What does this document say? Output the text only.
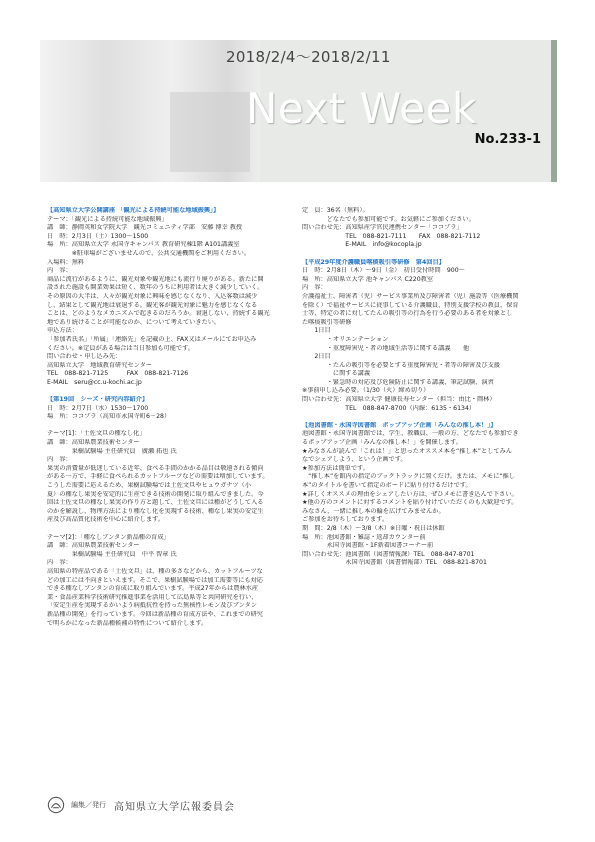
2018/2/4～2018/2/11
Next Week
No.233-1
【高知県立大学公開講座 「観光による持続可能な地域振興」】
テーマ：「観光による持続可能な地域振興」
講　師：静岡英和女学院大学　観光コミュニティ学部　安藤 博幸 教授
日　時：2月3日（土）1300～1500
場　所：高知県立大学 永国寺キャンパス 教育研究棟1階 A101講義室
　　　　※駐車場がございませんので、公共交通機関をご利用ください。
入場料：無料
内　容：
商品に流行があるように、観光対象や観光地にも流行り廃りがある。新たに開
設された施設も開業効果は短く、数年のうちに利用者は大きく減少していく。
その原因の大半は、人々が観光対象に興味を感じなくなり、入込客数は減少
し、結果として観光地は衰退する。観光客が観光対象に魅力を感じなくなる
ことは、どのようなメカニズムで起きるのだろうか。衰退しない、持続する観光
地であり続けることが可能なのか、について考えていきたい。
申込方法：
「参加者氏名」「所属」「連絡先」を記載の上、FAX又はメールにてお申込み
ください。※定員がある場合は当日参加も可能です。
問い合わせ・申し込み先：
高知県立大学　地域教育研究センター
TEL　088-821-7125　　　FAX　088-821-7126
E-MAIL　seru@cc.u-kochi.ac.jp
【第19回　シーズ・研究内容紹介】
日　時：2月7日（水）1530～1700
場　所：ココプラ（高知市永国寺町6－28）
テーマ[1]：「土佐文旦の種なし化」
講　師：高知県農業技術センター
　　　　果樹試験場 主任研究員　廣瀬 拓也 氏
内　容：
果実の消費量が低迷している近年、食べる手間のかかる品目は敬遠される傾向
がある一方で、手軽に食べられるカットフルーツなどの需要は増加しています。
こうした需要に応えるため、果樹試験場では土佐文旦やヒュウガナツ（小
夏）の種なし果実を安定的に生産できる技術の開発に取り組んできました。今
回は土佐文旦の種なし果実の作り方と題して、土佐文旦には種がどうして入る
のかを解説し、物理方法により種なし化を実現する技術、種なし果実の安定生
産及び高品質化技術を中心に紹介します。
テーマ[2]：「種なしブンタン新品種の育成」
講　師：高知県農業技術センター
　　　　果樹試験場 主任研究員　中平 智章 氏
内　容：
高知県の特産品である「土佐文旦」は、種の多さなどから、カットフルーツな
どの加工には不向きといえます。そこで、果樹試験場では加工需要等にも対応
できる種なしブンタンの育成に取り組んでいます。平成27年からは農林水産
業・食品産業科学技術研究推進事業を活用して広島県等と共同研究を行い、
「安定生産を実現するかいよう病抵抗性を持った無核性レモン及びブンタン
新品種の開発」を行っています。今回は新品種の育成方法や、これまでの研究
で明らかになった新品種候補の特性について紹介します。
定　員：36名（無料）。
　　　　どなたでも参加可能です。お気軽にご参加ください。
問い合わせ先：高知県産学官民連携センター「ココプラ」
　　　　　　　TEL　088-821-7111　　FAX　088-821-7112
　　　　　　　E-MAIL　info@kocopla.jp
【平成29年度介護職員喀痰吸引等研修　第4回目】
日　時：2月8日（木）～9日（金）　初日受付時間　900～
場　所：高知県立大学 池キャンパス C220教室
内　容：
介護福祉士、障害者（児）サービス事業所及び障害者（児）施設等（医療機関
を除く）で福祉サービスに従事している介護職員、特別支援学校の教員、保育
士等、特定の者に対してたんの吸引等の行為を行う必要のある者を対象とし
た喀痰吸引等研修
　　1日目
　　　　・オリエンテーション
　　　　・重度障害児・者の地域生活等に関する講義　　他
　　2日目
　　　　・たんの吸引等を必要とする重度障害児・者等の障害及び支援
　　　　　に関する講義
　　　　・緊急時の対応及び危険防止に関する講義、筆記試験、演習
※事前申し込み必要。（1/30（火）締め切り）
問い合わせ先：高知県立大学 健康長寿センター（担当：由比・岡林）
　　　　　　　TEL　088-847-8700（内線：6135・6134）
【池図書館・永国寺図書館　ポップアップ企画「みんなの推し本！」】
池図書館・永国寺図書館では、学生、教職員、一般の方、どなたでも参加でき
るポップアップ企画「みんなの推し本！」を開催します。
★みなさんが読んで「これは！」と思ったオススメ本を“推し本”としてみん
なでシェアしよう、という企画です。
★参加方法は簡単です。
　“推し本”を館内の指定のブックトラックに置くだけ。または、メモに“推し
本”のタイトルを書いて指定のボードに貼り付けるだけです。
★詳しくオススメの理由をシェアしたい方は、ぜひメモに書き込んで下さい。
★他の方のコメントに対するコメントを貼り付けていただくのも大歓迎です。
みなさん、一緒に推し本の輪を広げてみませんか。
ご参加をお待ちしております。
期　間：2/8（木）～3/8（木）※日曜・祝日は休館
場　所：池図書館・雑誌・返却カウンター前
　　　　永国寺図書館・1F新着図書コーナー前
問い合わせ先：池図書館（図書情報課）TEL　088-847-8701
　　　　　　　永国寺図書館（図書情報部）TEL　088-821-8701
編集／発行 高知県立大学広報委員会
